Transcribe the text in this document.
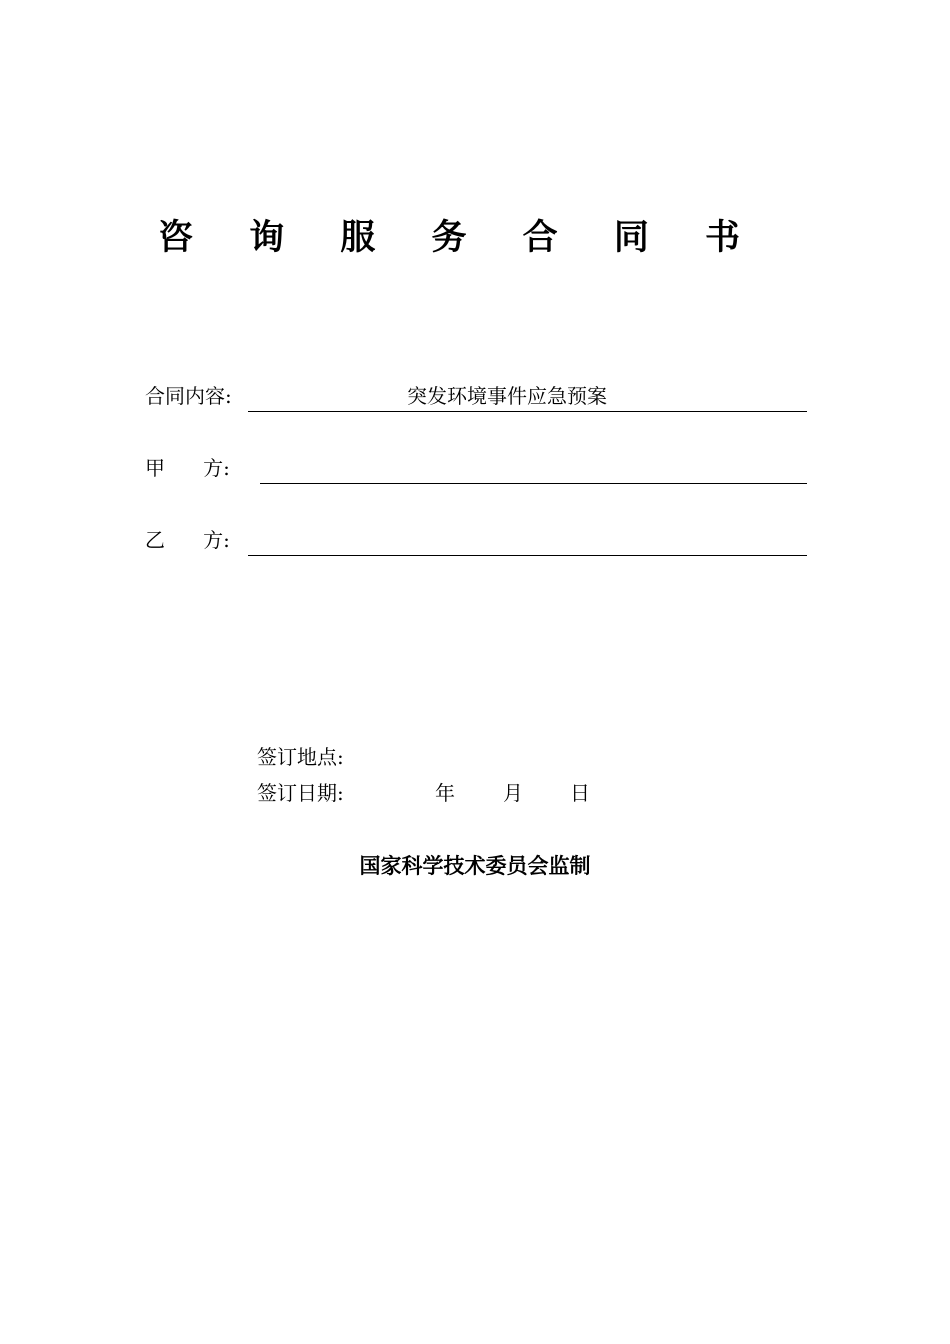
咨 询 服 务 合 同 书
合同内容:	突发环境事件应急预案
甲      方:
乙      方:
签订地点:
签订日期:	年 月 日
国家科学技术委员会监制
